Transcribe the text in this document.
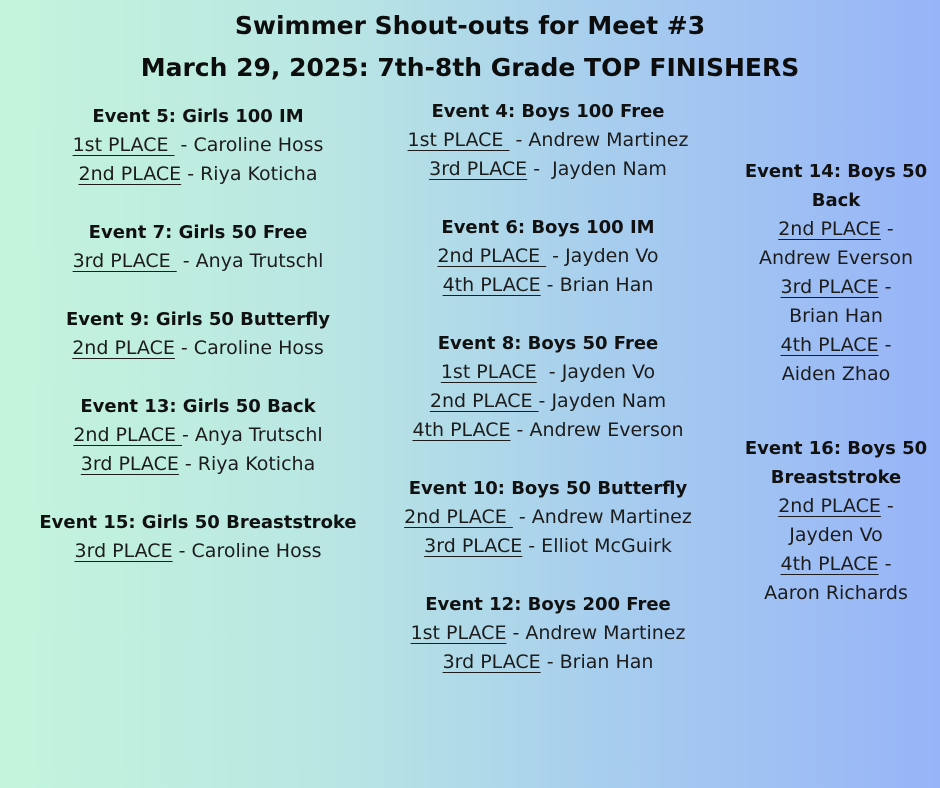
Swimmer Shout-outs for Meet #3
March 29, 2025: 7th-8th Grade TOP FINISHERS
Event 5: Girls 100 IM
1st PLACE  - Caroline Hoss
2nd PLACE - Riya Koticha
Event 7: Girls 50 Free
3rd PLACE  - Anya Trutschl
Event 9: Girls 50 Butterfly
2nd PLACE - Caroline Hoss
Event 13: Girls 50 Back
2nd PLACE - Anya Trutschl
3rd PLACE - Riya Koticha
Event 15: Girls 50 Breaststroke
3rd PLACE - Caroline Hoss
Event 4: Boys 100 Free
1st PLACE  - Andrew Martinez
3rd PLACE -  Jayden Nam
Event 6: Boys 100 IM
2nd PLACE  - Jayden Vo
4th PLACE - Brian Han
Event 8: Boys 50 Free
1st PLACE  - Jayden Vo
2nd PLACE - Jayden Nam
4th PLACE - Andrew Everson
Event 10: Boys 50 Butterfly
2nd PLACE  - Andrew Martinez
3rd PLACE - Elliot McGuirk
Event 12: Boys 200 Free
1st PLACE - Andrew Martinez
3rd PLACE - Brian Han
Event 14: Boys 50 Back
2nd PLACE -
Andrew Everson
3rd PLACE -
Brian Han
4th PLACE -
Aiden Zhao
Event 16: Boys 50 Breaststroke
2nd PLACE -
Jayden Vo
4th PLACE -
Aaron Richards
